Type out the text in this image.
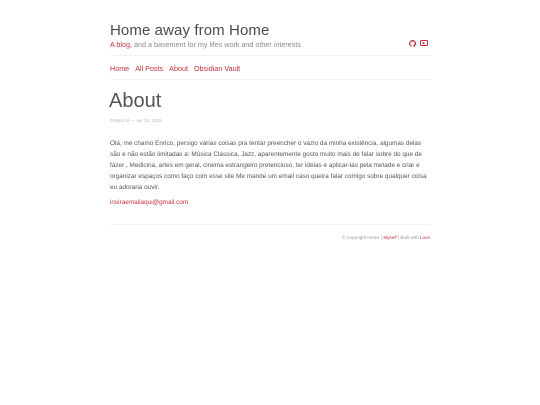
Home away from Home
A blog, and a basement for my lifes work and other interests	▶
Home All Posts About Obsidian Vault
About
Posted at — Apr 10, 2019
Olá, me chamo Enrico, persigo várias coisas pra tentar preencher o vazio da minha existência, algumas delas são e não estão limitadas a: Música Clássica, Jazz, aparentemente gosto muito mais de falar sobre do que de fazer , Medicina, artes em geral, cinema estrangeiro pretencioso, ter idéias e aplicar-las pela metade e criar e organizar espaços como faço com esse site Me mande um email caso queira falar comigo sobre qualquer coisa eu adoraria ouvir.
insiraemailaqui@gmail.com
© Copyright notice | Myself | Built with Love
